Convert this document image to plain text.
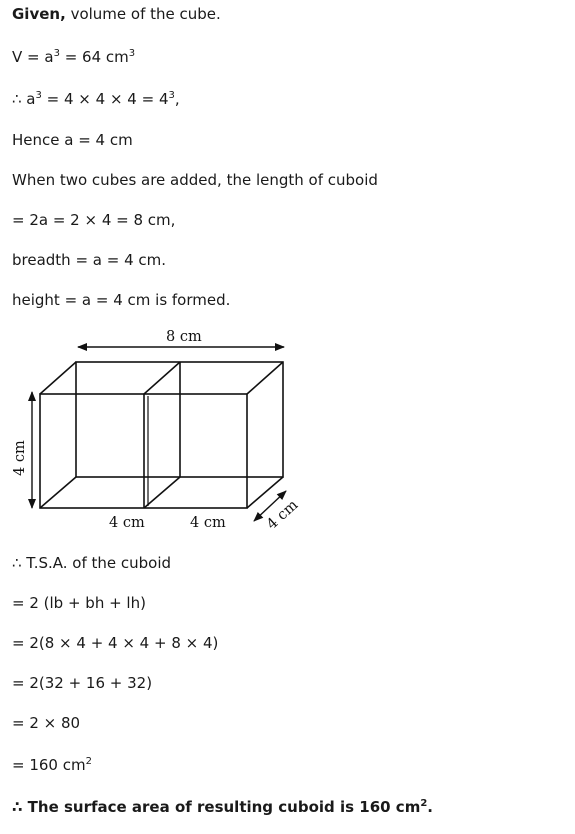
Given, volume of the cube.
$V = a^3 = 64$ $cm^3$
∴ $a^3 = 4 \times 4 \times 4 = 4^3$,
Hence a = 4 cm
When two cubes are added, the length of cuboid
= 2a = 2 × 4 = 8 cm,
breadth = a = 4 cm.
height = a = 4 cm is formed.
8 cm
4 cm
4 cm	4 cm	4 cm
∴ T.S.A. of the cuboid
= 2 (lb + bh + lh)
= 2(8 × 4 + 4 × 4 + 8 × 4)
= 2(32 + 16 + 32)
= 2 × 80
= 160 $cm^2$
∴ The surface area of resulting cuboid is 160 $cm^2$.
